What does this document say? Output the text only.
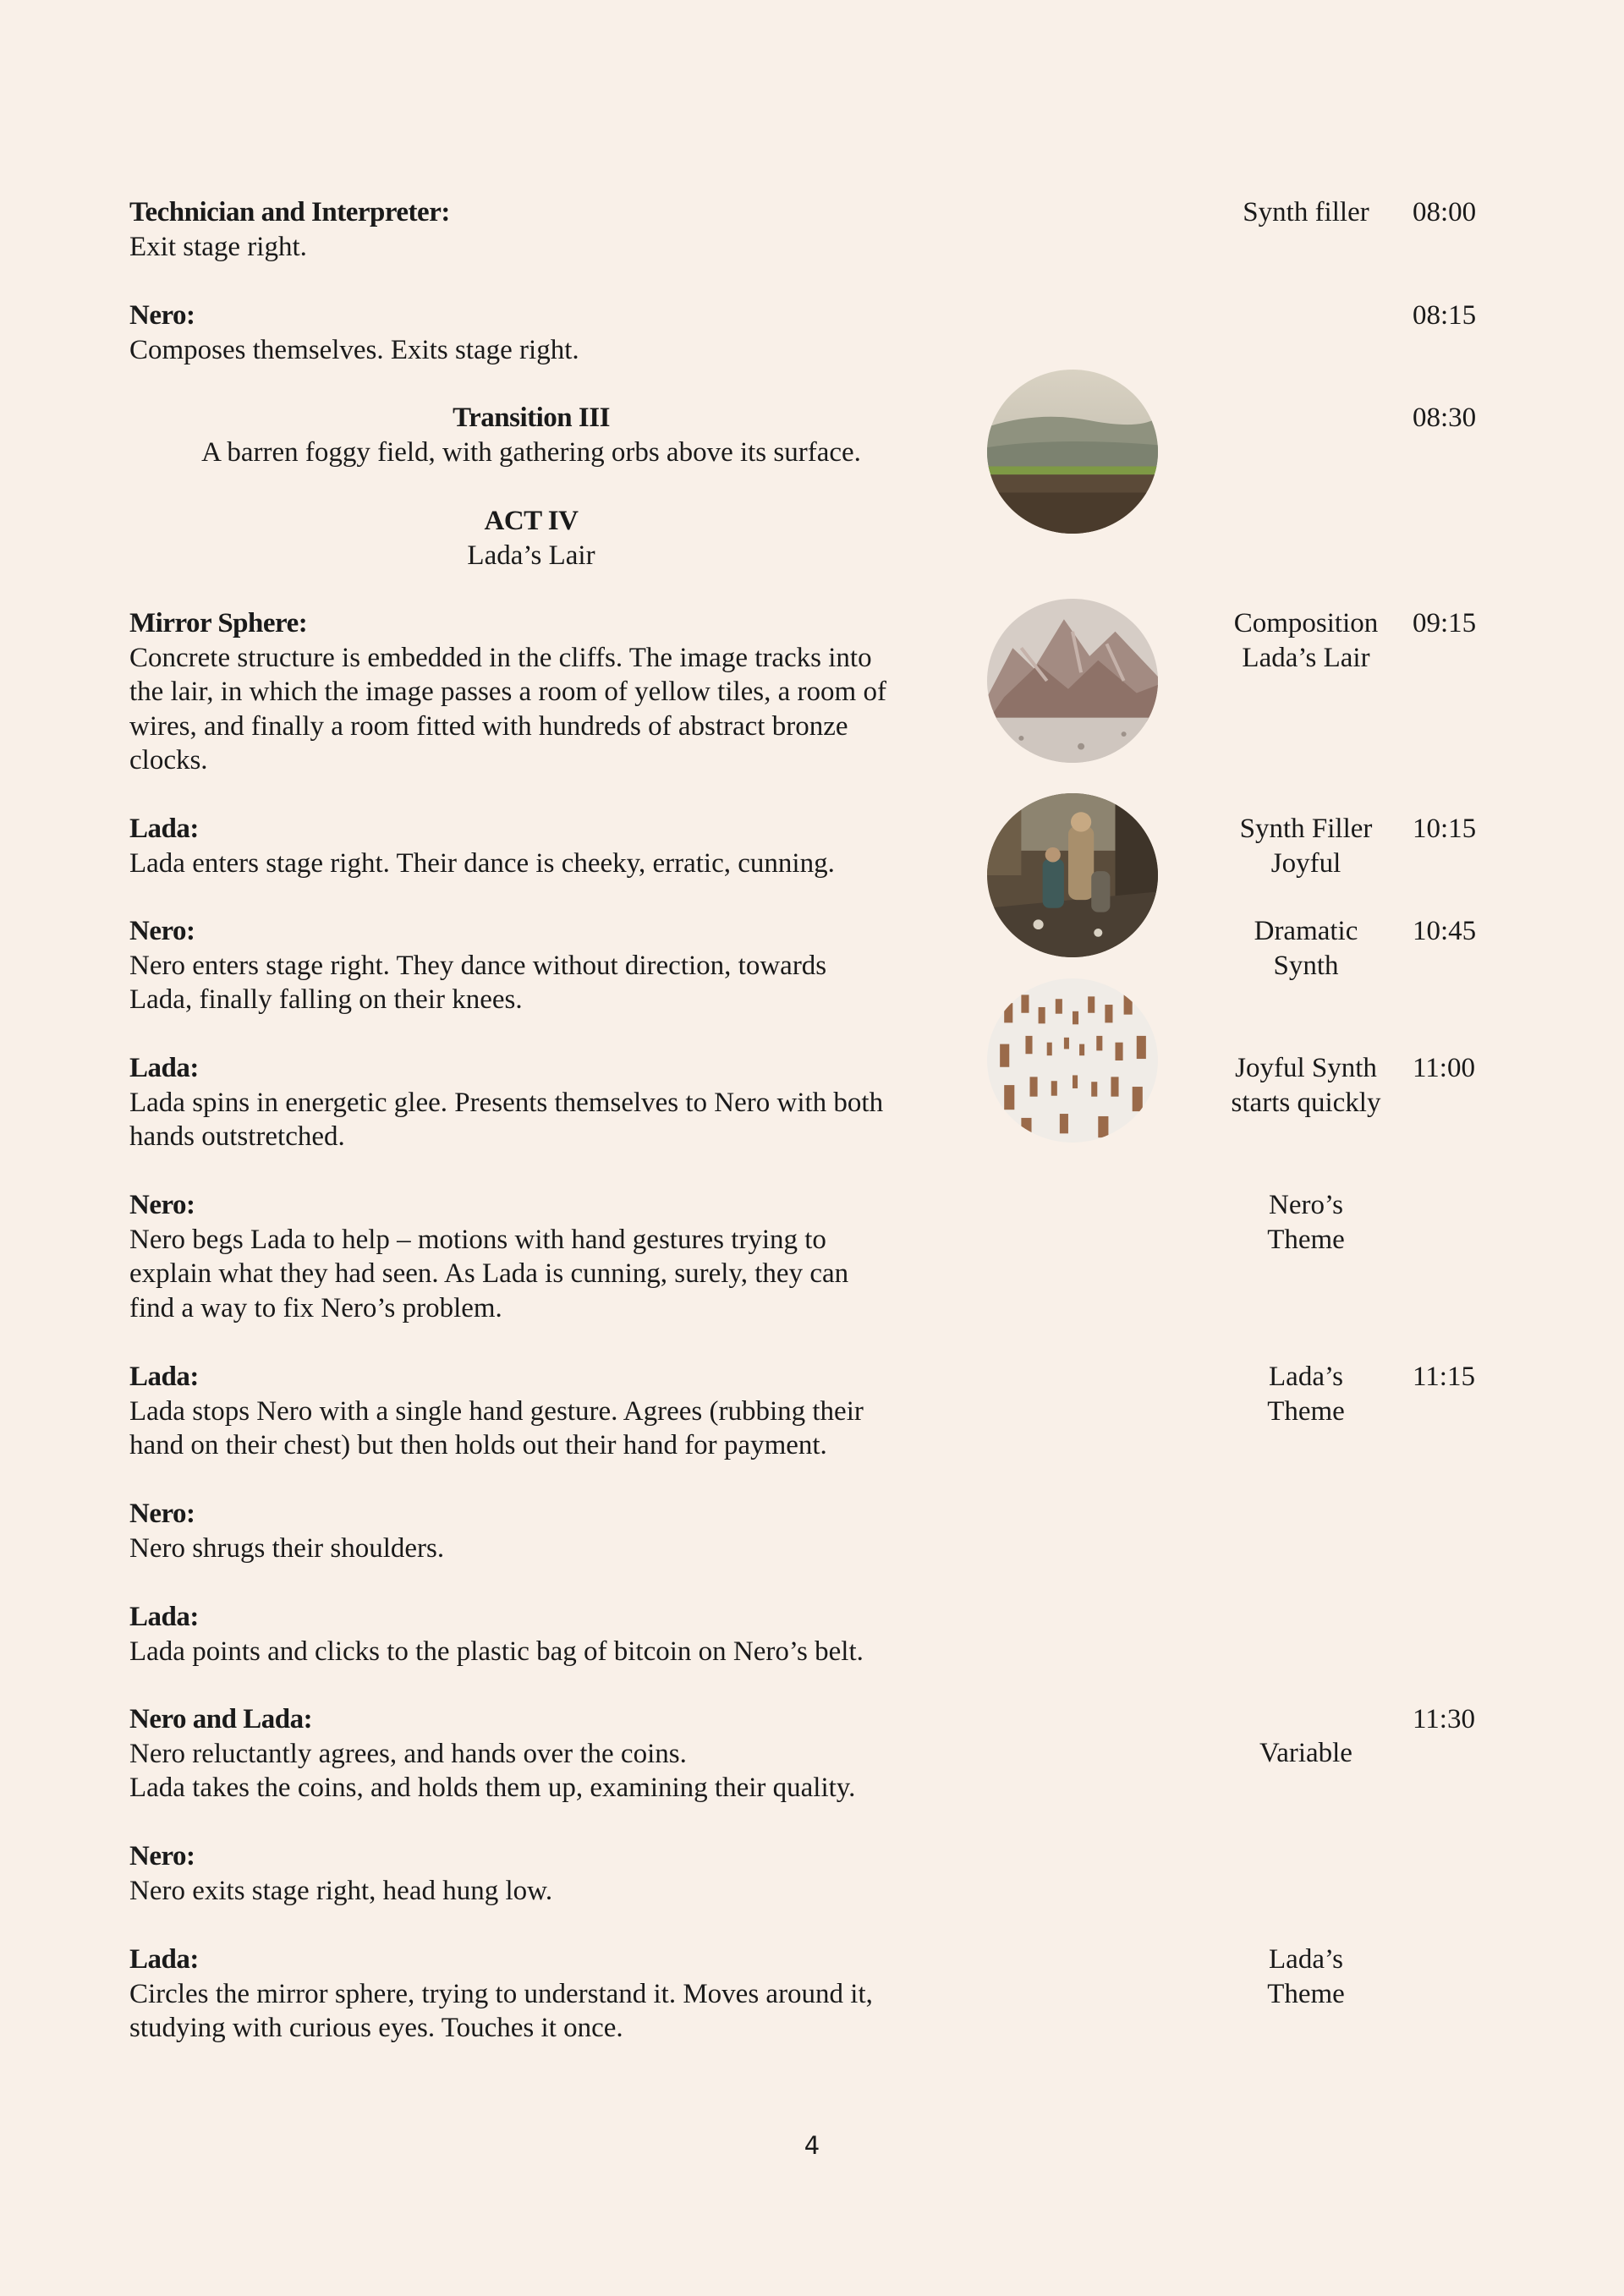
Technician and Interpreter:
Exit stage right.
Nero:
Composes themselves. Exits stage right.
Transition III
A barren foggy field, with gathering orbs above its surface.
ACT IV
Lada’s Lair
Mirror Sphere:
Concrete structure is embedded in the cliffs. The image tracks into
the lair, in which the image passes a room of yellow tiles, a room of
wires, and finally a room fitted with hundreds of abstract bronze
clocks.
Lada:
Lada enters stage right. Their dance is cheeky, erratic, cunning.
Nero:
Nero enters stage right. They dance without direction, towards
Lada, finally falling on their knees.
Lada:
Lada spins in energetic glee. Presents themselves to Nero with both
hands outstretched.
Nero:
Nero begs Lada to help – motions with hand gestures trying to
explain what they had seen. As Lada is cunning, surely, they can
find a way to fix Nero’s problem.
Lada:
Lada stops Nero with a single hand gesture. Agrees (rubbing their
hand on their chest) but then holds out their hand for payment.
Nero:
Nero shrugs their shoulders.
Lada:
Lada points and clicks to the plastic bag of bitcoin on Nero’s belt.
Nero and Lada:
Nero reluctantly agrees, and hands over the coins.
Lada takes the coins, and holds them up, examining their quality.
Nero:
Nero exits stage right, head hung low.
Lada:
Circles the mirror sphere, trying to understand it. Moves around it,
studying with curious eyes. Touches it once.
Synth filler
Composition
Lada’s Lair
Synth Filler
Joyful
Dramatic
Synth
Joyful Synth
starts quickly
Nero’s
Theme
Lada’s
Theme
Variable
Lada’s
Theme
08:00
08:15
08:30
09:15
10:15
10:45
11:00
11:15
11:30
4
